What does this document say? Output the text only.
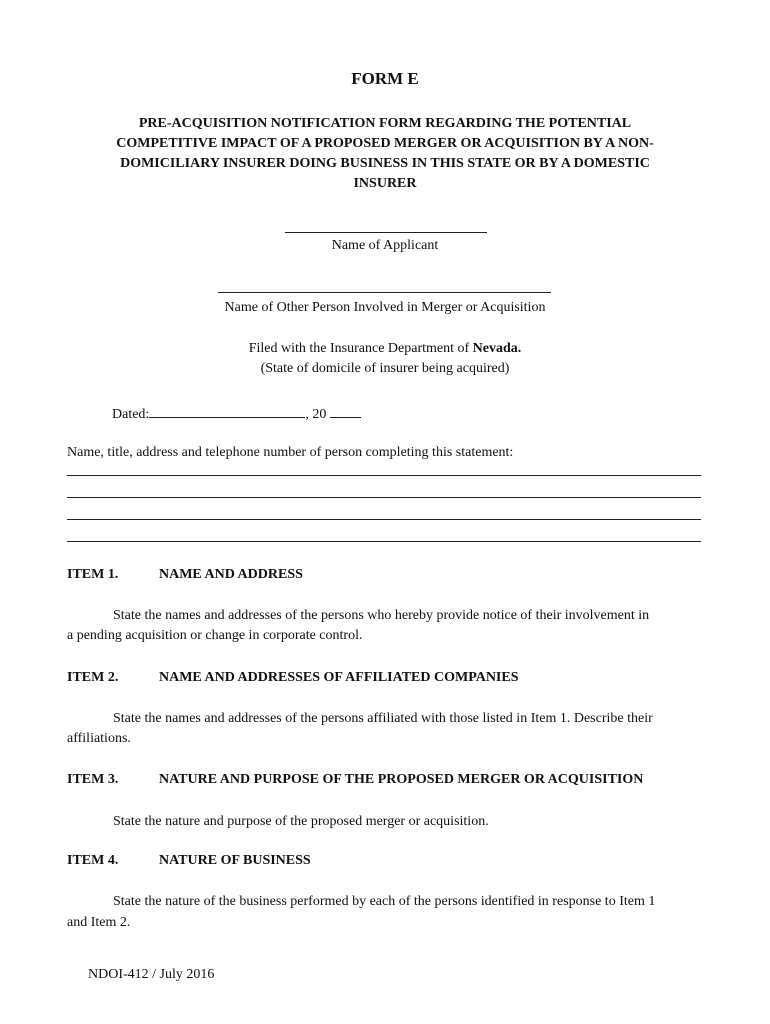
FORM E
PRE-ACQUISITION NOTIFICATION FORM REGARDING THE POTENTIAL
COMPETITIVE IMPACT OF A PROPOSED MERGER OR ACQUISITION BY A NON-
DOMICILIARY INSURER DOING BUSINESS IN THIS STATE OR BY A DOMESTIC
INSURER
Name of Applicant
Name of Other Person Involved in Merger or Acquisition
Filed with the Insurance Department of Nevada.
(State of domicile of insurer being acquired)
Dated:	, 20
Name, title, address and telephone number of person completing this statement:
ITEM 1.	NAME AND ADDRESS
State the names and addresses of the persons who hereby provide notice of their involvement in
a pending acquisition or change in corporate control.
ITEM 2.	NAME AND ADDRESSES OF AFFILIATED COMPANIES
State the names and addresses of the persons affiliated with those listed in Item 1. Describe their
affiliations.
ITEM 3.	NATURE AND PURPOSE OF THE PROPOSED MERGER OR ACQUISITION
State the nature and purpose of the proposed merger or acquisition.
ITEM 4.	NATURE OF BUSINESS
State the nature of the business performed by each of the persons identified in response to Item 1
and Item 2.
NDOI-412 / July 2016
